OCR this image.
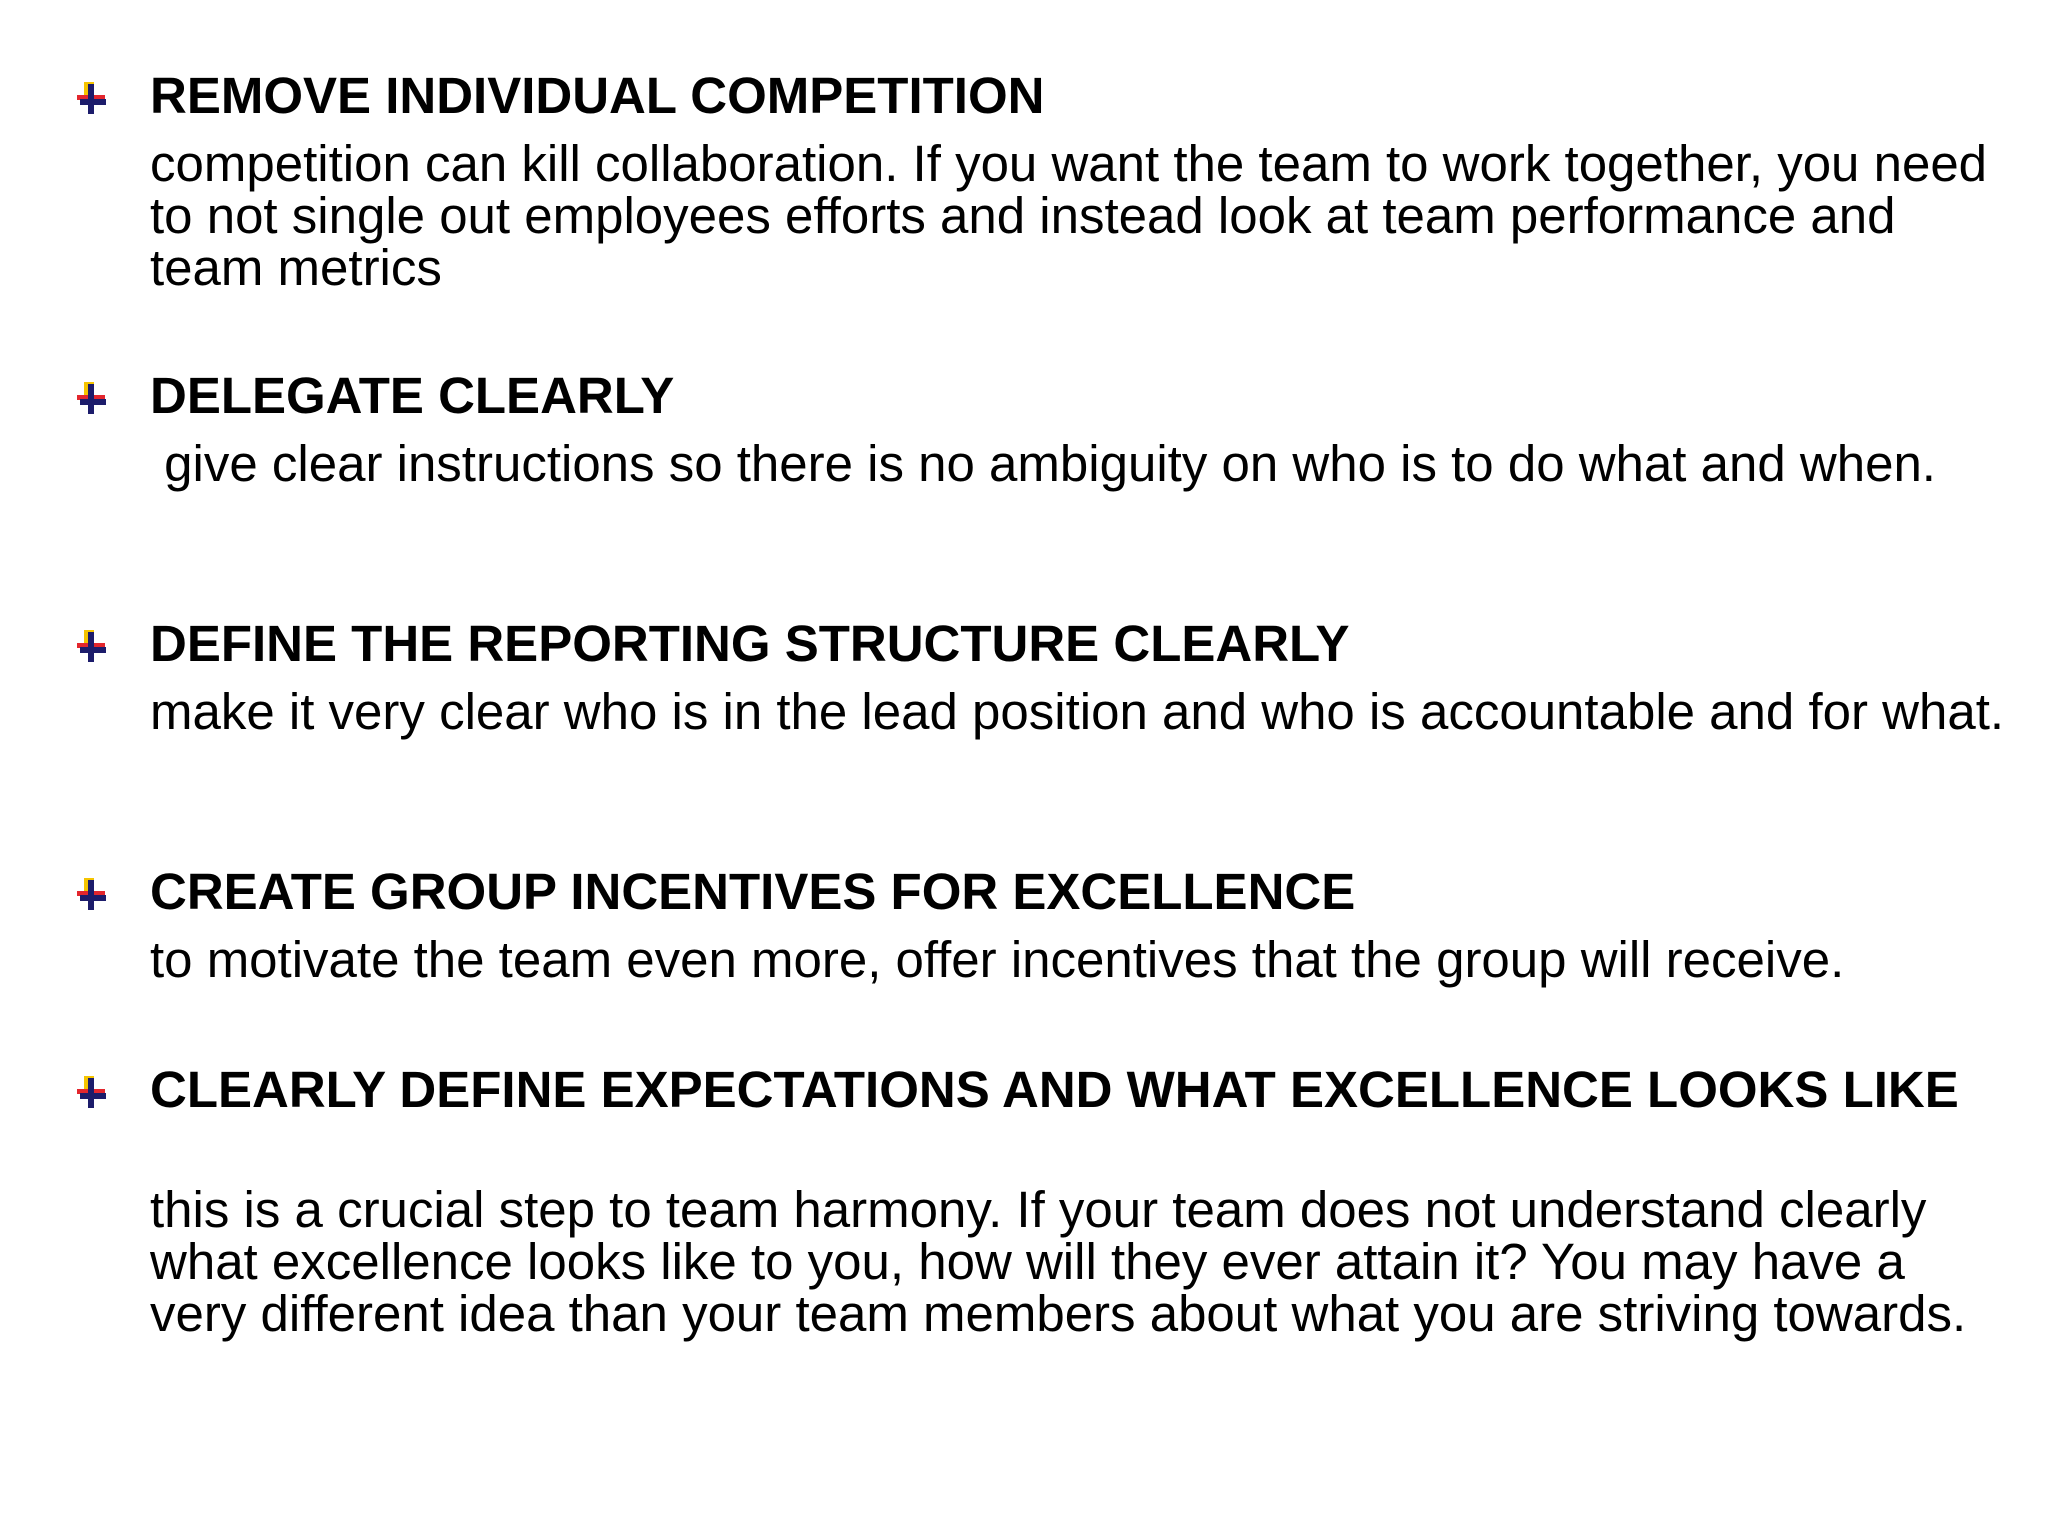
REMOVE INDIVIDUAL COMPETITION

competition can kill collaboration. If you want the team to work together, you need to not single out employees efforts and instead look at team performance and team metrics

DELEGATE CLEARLY

give clear instructions so there is no ambiguity on who is to do what and when.

DEFINE THE REPORTING STRUCTURE CLEARLY

make it very clear who is in the lead position and who is accountable and for what.

CREATE GROUP INCENTIVES FOR EXCELLENCE

to motivate the team even more, offer incentives that the group will receive.

CLEARLY DEFINE EXPECTATIONS AND WHAT EXCELLENCE LOOKS LIKE

this is a crucial step to team harmony. If your team does not understand clearly what excellence looks like to you, how will they ever attain it? You may have a very different idea than your team members about what you are striving towards.
